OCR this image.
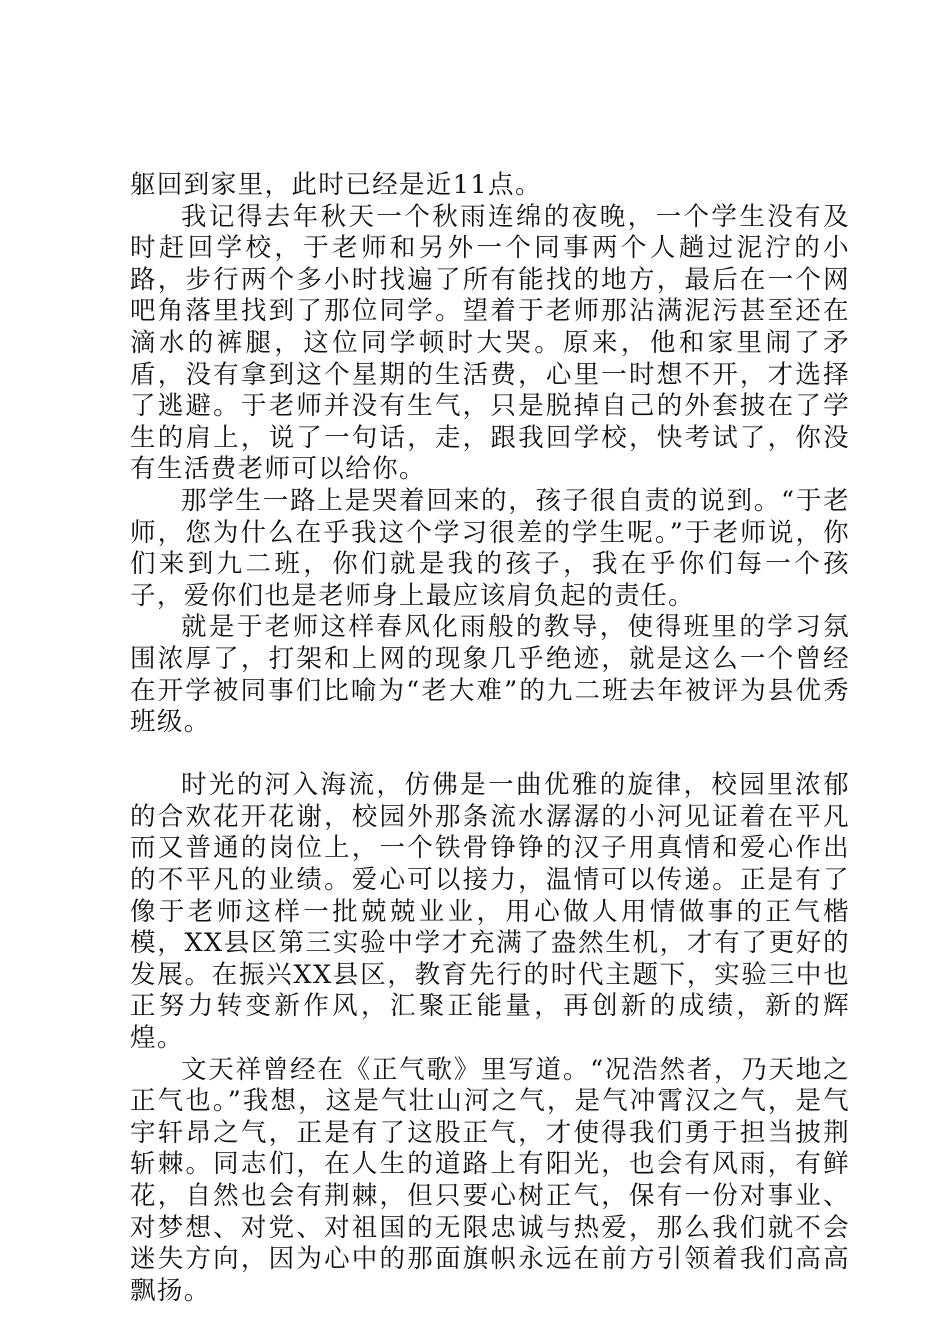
躯回到家里，此时已经是近11点。

我记得去年秋天一个秋雨连绵的夜晚，一个学生没有及时赶回学校，于老师和另外一个同事两个人趟过泥泞的小路，步行两个多小时找遍了所有能找的地方，最后在一个网吧角落里找到了那位同学。望着于老师那沾满泥污甚至还在滴水的裤腿，这位同学顿时大哭。原来，他和家里闹了矛盾，没有拿到这个星期的生活费，心里一时想不开，才选择了逃避。于老师并没有生气，只是脱掉自己的外套披在了学生的肩上，说了一句话，走，跟我回学校，快考试了，你没有生活费老师可以给你。

那学生一路上是哭着回来的，孩子很自责的说到。“于老师，您为什么在乎我这个学习很差的学生呢。”于老师说，你们来到九二班，你们就是我的孩子，我在乎你们每一个孩子，爱你们也是老师身上最应该肩负起的责任。

就是于老师这样春风化雨般的教导，使得班里的学习氛围浓厚了，打架和上网的现象几乎绝迹，就是这么一个曾经在开学被同事们比喻为“老大难”的九二班去年被评为县优秀班级。

时光的河入海流，仿佛是一曲优雅的旋律，校园里浓郁的合欢花开花谢，校园外那条流水潺潺的小河见证着在平凡而又普通的岗位上，一个铁骨铮铮的汉子用真情和爱心作出的不平凡的业绩。爱心可以接力，温情可以传递。正是有了像于老师这样一批兢兢业业，用心做人用情做事的正气楷模，XX县区第三实验中学才充满了盎然生机，才有了更好的发展。在振兴XX县区，教育先行的时代主题下，实验三中也正努力转变新作风，汇聚正能量，再创新的成绩，新的辉煌。

文天祥曾经在《正气歌》里写道。“况浩然者，乃天地之正气也。”我想，这是气壮山河之气，是气冲霄汉之气，是气宇轩昂之气，正是有了这股正气，才使得我们勇于担当披荆斩棘。同志们，在人生的道路上有阳光，也会有风雨，有鲜花，自然也会有荆棘，但只要心树正气，保有一份对事业、对梦想、对党、对祖国的无限忠诚与热爱，那么我们就不会迷失方向，因为心中的那面旗帜永远在前方引领着我们高高飘扬。
